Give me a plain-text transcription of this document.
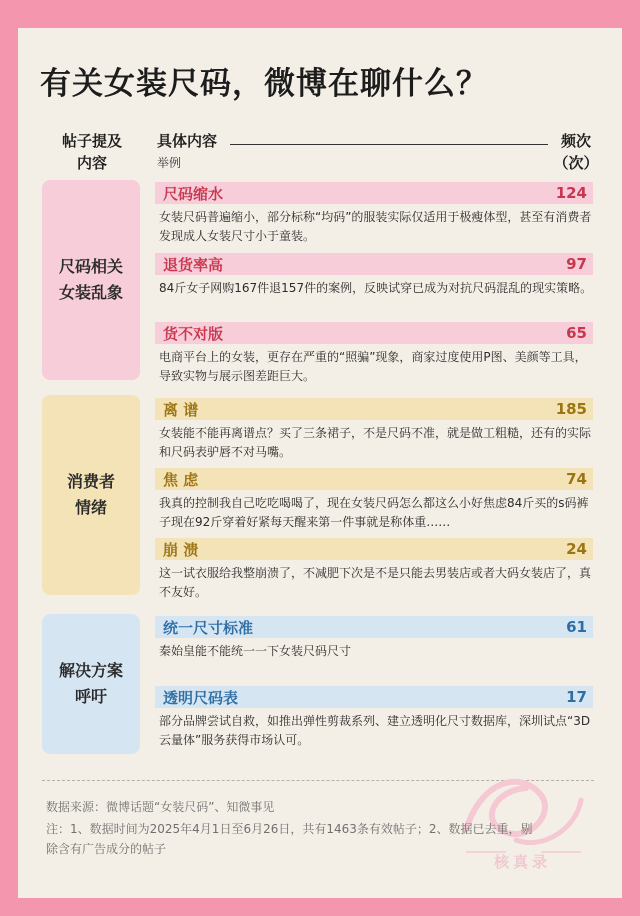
有关女装尺码，微博在聊什么？
帖子提及
内容
具体内容
举例
频次
（次）
尺码相关
女装乱象
尺码缩水	124
女装尺码普遍缩小，部分标称“均码”的服装实际仅适用于极瘦体型，甚至有消费者发现成人女装尺寸小于童装。
退货率高	97
84斤女子网购167件退157件的案例，反映试穿已成为对抗尺码混乱的现实策略。
货不对版	65
电商平台上的女装，更存在严重的“照骗”现象，商家过度使用P图、美颜等工具，导致实物与展示图差距巨大。
消费者
情绪
离 谱	185
女装能不能再离谱点？买了三条裙子，不是尺码不准，就是做工粗糙，还有的实际和尺码表驴唇不对马嘴。
焦 虑	74
我真的控制我自己吃吃喝喝了，现在女装尺码怎么都这么小好焦虑84斤买的s码裤子现在92斤穿着好紧每天醒来第一件事就是称体重……
崩 溃	24
这一试衣服给我整崩溃了，不减肥下次是不是只能去男装店或者大码女装店了，真不友好。
解决方案
呼吁
统一尺寸标准	61
秦始皇能不能统一一下女装尺码尺寸
透明尺码表	17
部分品牌尝试自救，如推出弹性剪裁系列、建立透明化尺寸数据库，深圳试点“3D云量体”服务获得市场认可。
核真录
数据来源：微博话题“女装尺码”、知微事见
注：1、数据时间为2025年4月1日至6月26日，共有1463条有效帖子；2、数据已去重，剔除含有广告成分的帖子
